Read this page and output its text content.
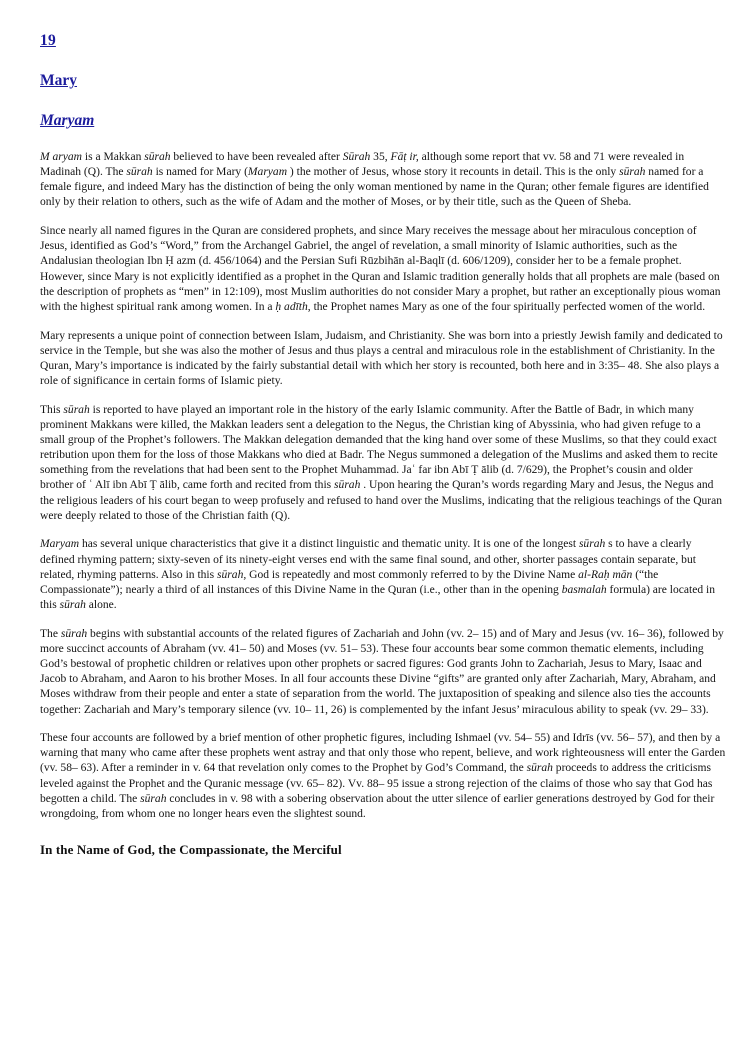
19
Mary
Maryam

M aryam is a Makkan sūrah believed to have been revealed after Sūrah 35, Fāṭ ir, although some report that vv. 58 and 71 were revealed in Madinah (Q). The sūrah is named for Mary (Maryam ) the mother of Jesus, whose story it recounts in detail. This is the only sūrah named for a female figure, and indeed Mary has the distinction of being the only woman mentioned by name in the Quran; other female figures are identified only by their relation to others, such as the wife of Adam and the mother of Moses, or by their title, such as the Queen of Sheba.

Since nearly all named figures in the Quran are considered prophets, and since Mary receives the message about her miraculous conception of Jesus, identified as God’s “Word,” from the Archangel Gabriel, the angel of revelation, a small minority of Islamic authorities, such as the Andalusian theologian Ibn Ḥ azm (d. 456/1064) and the Persian Sufi Rūzbihān al-Baqlī (d. 606/1209), consider her to be a female prophet. However, since Mary is not explicitly identified as a prophet in the Quran and Islamic tradition generally holds that all prophets are male (based on the description of prophets as “men” in 12:109), most Muslim authorities do not consider Mary a prophet, but rather an exceptionally pious woman with the highest spiritual rank among women. In a ḥ adīth, the Prophet names Mary as one of the four spiritually perfected women of the world.

Mary represents a unique point of connection between Islam, Judaism, and Christianity. She was born into a priestly Jewish family and dedicated to service in the Temple, but she was also the mother of Jesus and thus plays a central and miraculous role in the establishment of Christianity. In the Quran, Mary’s importance is indicated by the fairly substantial detail with which her story is recounted, both here and in 3:35– 48. She also plays a role of significance in certain forms of Islamic piety.

This sūrah is reported to have played an important role in the history of the early Islamic community. After the Battle of Badr, in which many prominent Makkans were killed, the Makkan leaders sent a delegation to the Negus, the Christian king of Abyssinia, who had given refuge to a small group of the Prophet’s followers. The Makkan delegation demanded that the king hand over some of these Muslims, so that they could exact retribution upon them for the loss of those Makkans who died at Badr. The Negus summoned a delegation of the Muslims and asked them to recite something from the revelations that had been sent to the Prophet Muhammad. Jaʿ far ibn Abī Ṭ ālib (d. 7/629), the Prophet’s cousin and older brother of ʿ Alī ibn Abī Ṭ ālib, came forth and recited from this sūrah . Upon hearing the Quran’s words regarding Mary and Jesus, the Negus and the religious leaders of his court began to weep profusely and refused to hand over the Muslims, indicating that the religious teachings of the Quran were deeply related to those of the Christian faith (Q).

Maryam has several unique characteristics that give it a distinct linguistic and thematic unity. It is one of the longest sūrah s to have a clearly defined rhyming pattern; sixty-seven of its ninety-eight verses end with the same final sound, and other, shorter passages contain separate, but related, rhyming patterns. Also in this sūrah, God is repeatedly and most commonly referred to by the Divine Name al-Raḥ mān (“the Compassionate”); nearly a third of all instances of this Divine Name in the Quran (i.e., other than in the opening basmalah formula) are located in this sūrah alone.

The sūrah begins with substantial accounts of the related figures of Zachariah and John (vv. 2– 15) and of Mary and Jesus (vv. 16– 36), followed by more succinct accounts of Abraham (vv. 41– 50) and Moses (vv. 51– 53). These four accounts bear some common thematic elements, including God’s bestowal of prophetic children or relatives upon other prophets or sacred figures: God grants John to Zachariah, Jesus to Mary, Isaac and Jacob to Abraham, and Aaron to his brother Moses. In all four accounts these Divine “gifts” are granted only after Zachariah, Mary, Abraham, and Moses withdraw from their people and enter a state of separation from the world. The juxtaposition of speaking and silence also ties the accounts together: Zachariah and Mary’s temporary silence (vv. 10– 11, 26) is complemented by the infant Jesus’ miraculous ability to speak (vv. 29– 33).

These four accounts are followed by a brief mention of other prophetic figures, including Ishmael (vv. 54– 55) and Idrīs (vv. 56– 57), and then by a warning that many who came after these prophets went astray and that only those who repent, believe, and work righteousness will enter the Garden (vv. 58– 63). After a reminder in v. 64 that revelation only comes to the Prophet by God’s Command, the sūrah proceeds to address the criticisms leveled against the Prophet and the Quranic message (vv. 65– 82). Vv. 88– 95 issue a strong rejection of the claims of those who say that God has begotten a child. The sūrah concludes in v. 98 with a sobering observation about the utter silence of earlier generations destroyed by God for their wrongdoing, from whom one no longer hears even the slightest sound.

In the Name of God, the Compassionate, the Merciful
